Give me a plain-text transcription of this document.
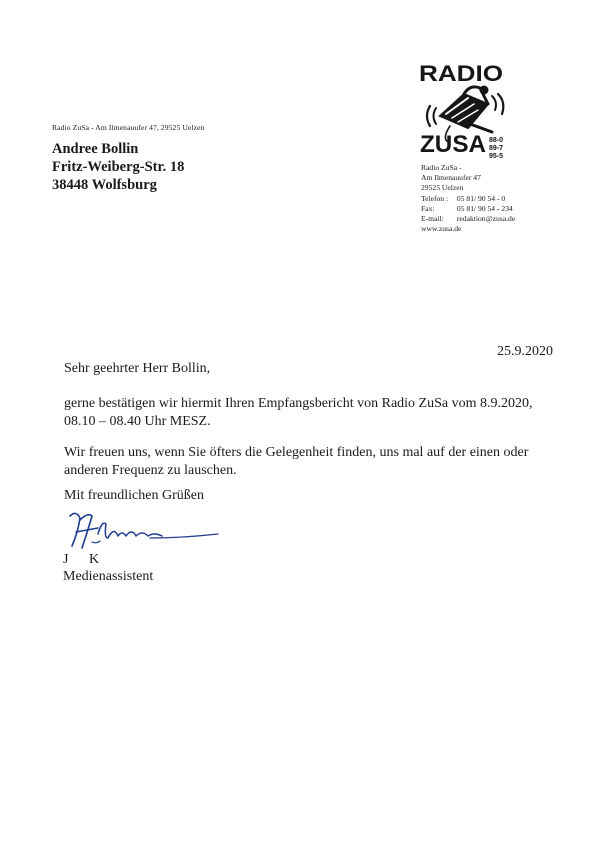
Radio ZuSa - Am Ilmenauufer 47, 29525 Uelzen
Andree Bollin
Fritz-Weiberg-Str. 18
38448 Wolfsburg
RADIO
ZUSA 88-0
89-7
95-5
Radio ZuSa -
Am Ilmenauufer 47
29525 Uelzen
Telefon : 05 81/ 90 54 - 0
Fax:	05 81/ 90 54 - 234
E-mail: redaktion@zusa.de
www.zusa.de
25.9.2020
Sehr geehrter Herr Bollin,
gerne bestätigen wir hiermit Ihren Empfangsbericht von Radio ZuSa vom 8.9.2020,
08.10 – 08.40 Uhr MESZ.
Wir freuen uns, wenn Sie öfters die Gelegenheit finden, uns mal auf der einen oder
anderen Frequenz zu lauschen.
Mit freundlichen Grüßen
J K
Medienassistent
